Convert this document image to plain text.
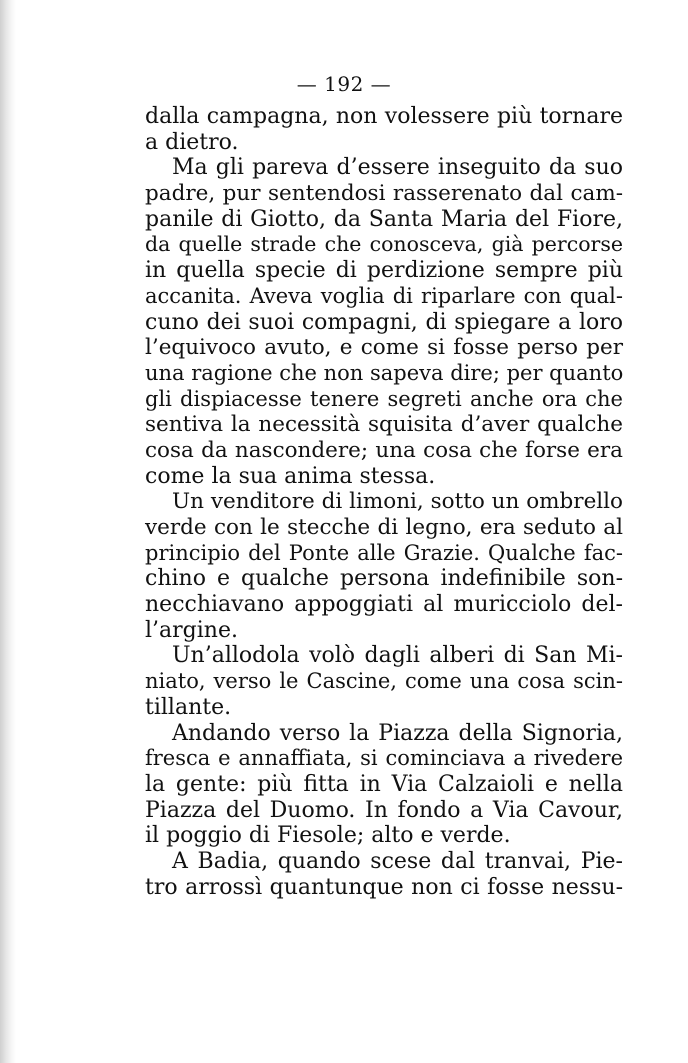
— 192 —
dalla campagna, non volessere più tornare
a dietro.
Ma gli pareva d’essere inseguito da suo
padre, pur sentendosi rasserenato dal cam-
panile di Giotto, da Santa Maria del Fiore,
da quelle strade che conosceva, già percorse
in quella specie di perdizione sempre più
accanita. Aveva voglia di riparlare con qual-
cuno dei suoi compagni, di spiegare a loro
l’equivoco avuto, e come si fosse perso per
una ragione che non sapeva dire; per quanto
gli dispiacesse tenere segreti anche ora che
sentiva la necessità squisita d’aver qualche
cosa da nascondere; una cosa che forse era
come la sua anima stessa.
Un venditore di limoni, sotto un ombrello
verde con le stecche di legno, era seduto al
principio del Ponte alle Grazie. Qualche fac-
chino e qualche persona indefinibile son-
necchiavano appoggiati al muricciolo del-
l’argine.
Un’allodola volò dagli alberi di San Mi-
niato, verso le Cascine, come una cosa scin-
tillante.
Andando verso la Piazza della Signoria,
fresca e annaffiata, si cominciava a rivedere
la gente: più fitta in Via Calzaioli e nella
Piazza del Duomo. In fondo a Via Cavour,
il poggio di Fiesole; alto e verde.
A Badia, quando scese dal tranvai, Pie-
tro arrossì quantunque non ci fosse nessu-
